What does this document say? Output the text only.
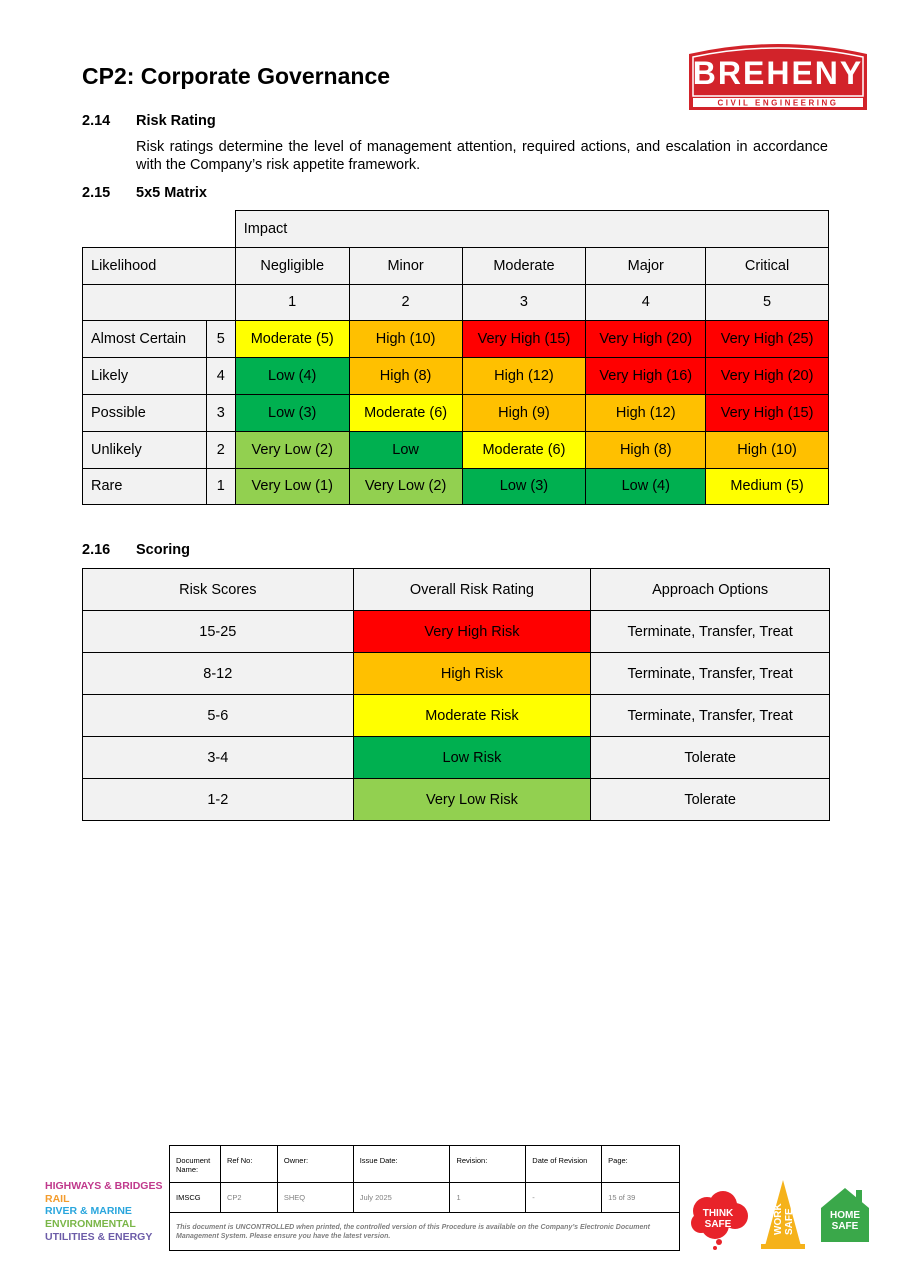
CP2: Corporate Governance	BREHENY
CIVIL ENGINEERING
2.14 Risk Rating
Risk ratings determine the level of management attention, required actions, and escalation in accordance with the Company’s risk appetite framework.
2.15 5x5 Matrix
		Impact				
Likelihood		Negligible	Minor	Moderate	Major	Critical
		1	2	3	4	5
Almost Certain	5	Moderate (5)	High (10)	Very High (15)	Very High (20)	Very High (25)
Likely	4	Low (4)	High (8)	High (12)	Very High (16)	Very High (20)
Possible	3	Low (3)	Moderate (6)	High (9)	High (12)	Very High (15)
Unlikely	2	Very Low (2)	Low	Moderate (6)	High (8)	High (10)
Rare	1	Very Low (1)	Very Low (2)	Low (3)	Low (4)	Medium (5)
2.16 Scoring
Risk Scores	Overall Risk Rating	Approach Options
15-25	Very High Risk	Terminate, Transfer, Treat
8-12	High Risk	Terminate, Transfer, Treat
5-6	Moderate Risk	Terminate, Transfer, Treat
3-4	Low Risk	Tolerate
1-2	Very Low Risk	Tolerate
HIGHWAYS & BRIDGES
RAIL
RIVER & MARINE
ENVIRONMENTAL
UTILITIES & ENERGY
Document Name:	Ref No:	Owner:	Issue Date:	Revision:	Date of Revision	Page:
IMSCG	CP2	SHEQ	July 2025	1	-	15 of 39
This document is UNCONTROLLED when printed, the controlled version of this Procedure is available on the Company’s Electronic Document Management System. Please ensure you have the latest version.						
THINK
SAFE	WORK SAFE	HOME
SAFE
